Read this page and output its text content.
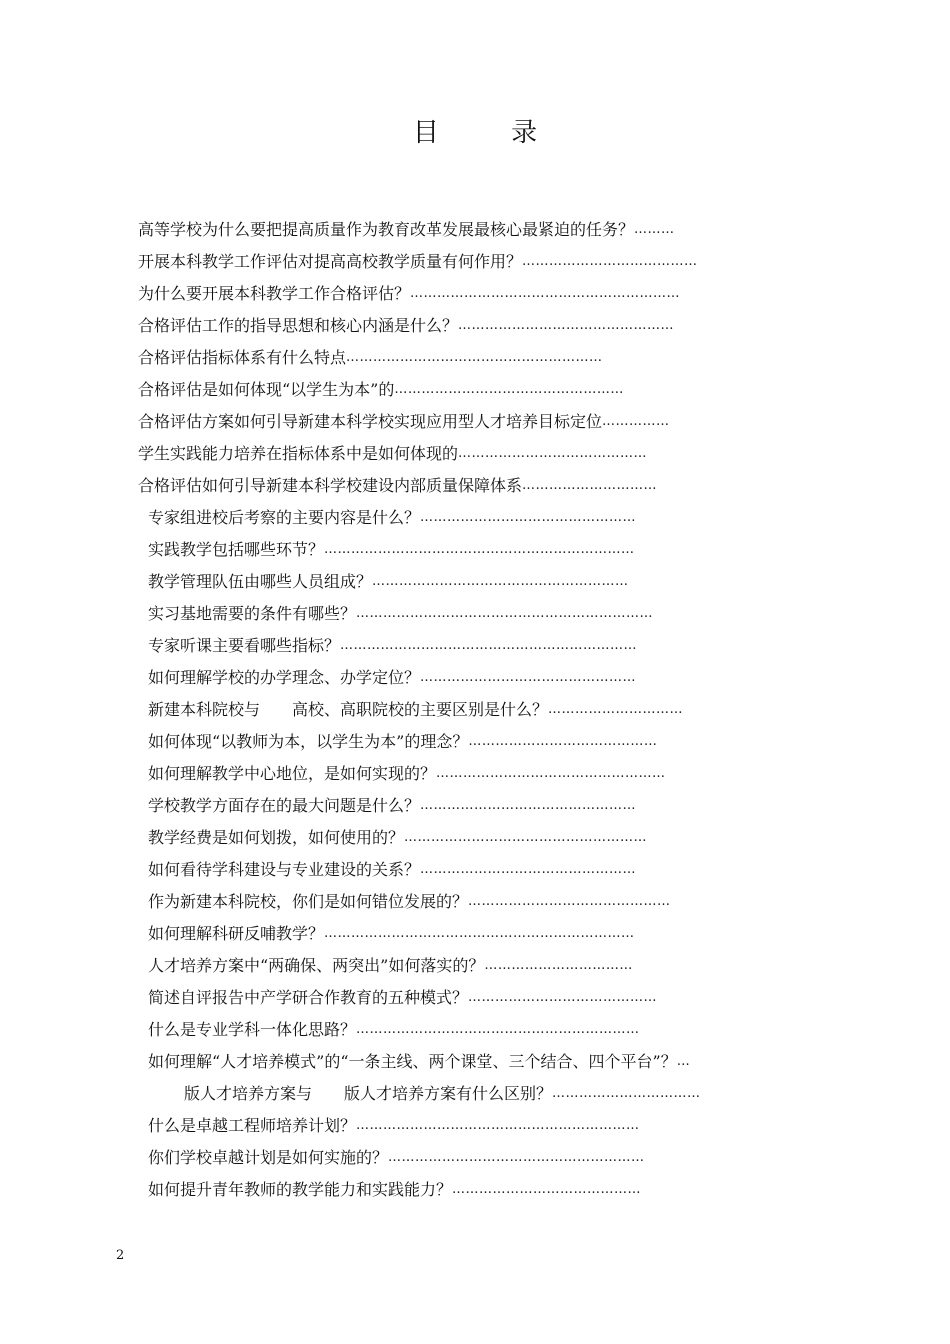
目 录
高等学校为什么要把提高质量作为教育改革发展最核心最紧迫的任务？ ………
开展本科教学工作评估对提高高校教学质量有何作用？ …………………………………
为什么要开展本科教学工作合格评估？ ……………………………………………………
合格评估工作的指导思想和核心内涵是什么？ …………………………………………
合格评估指标体系有什么特点 …………………………………………………
合格评估是如何体现“以学生为本”的 ……………………………………………
合格评估方案如何引导新建本科学校实现应用型人才培养目标定位 ……………
学生实践能力培养在指标体系中是如何体现的 ……………………………………
合格评估如何引导新建本科学校建设内部质量保障体系 …………………………
专家组进校后考察的主要内容是什么？ …………………………………………
实践教学包括哪些环节？ ……………………………………………………………
教学管理队伍由哪些人员组成？ …………………………………………………
实习基地需要的条件有哪些？ …………………………………………………………
专家听课主要看哪些指标？ …………………………………………………………
如何理解学校的办学理念、办学定位？ …………………………………………
新建本科院校与　　高校、高职院校的主要区别是什么？ …………………………
如何体现“以教师为本，以学生为本”的理念？ ……………………………………
如何理解教学中心地位，是如何实现的？ ……………………………………………
学校教学方面存在的最大问题是什么？ …………………………………………
教学经费是如何划拨，如何使用的？ ………………………………………………
如何看待学科建设与专业建设的关系？ …………………………………………
作为新建本科院校，你们是如何错位发展的？ ………………………………………
如何理解科研反哺教学？ ……………………………………………………………
人才培养方案中“两确保、两突出”如何落实的？ ……………………………
简述自评报告中产学研合作教育的五种模式？ ……………………………………
什么是专业学科一体化思路？ ………………………………………………………
如何理解“人才培养模式”的“一条主线、两个课堂、三个结合、四个平台”？ …
　版人才培养方案与　　版人才培养方案有什么区别？ ……………………………
什么是卓越工程师培养计划？ ………………………………………………………
你们学校卓越计划是如何实施的？ …………………………………………………
如何提升青年教师的教学能力和实践能力？ ……………………………………
2
